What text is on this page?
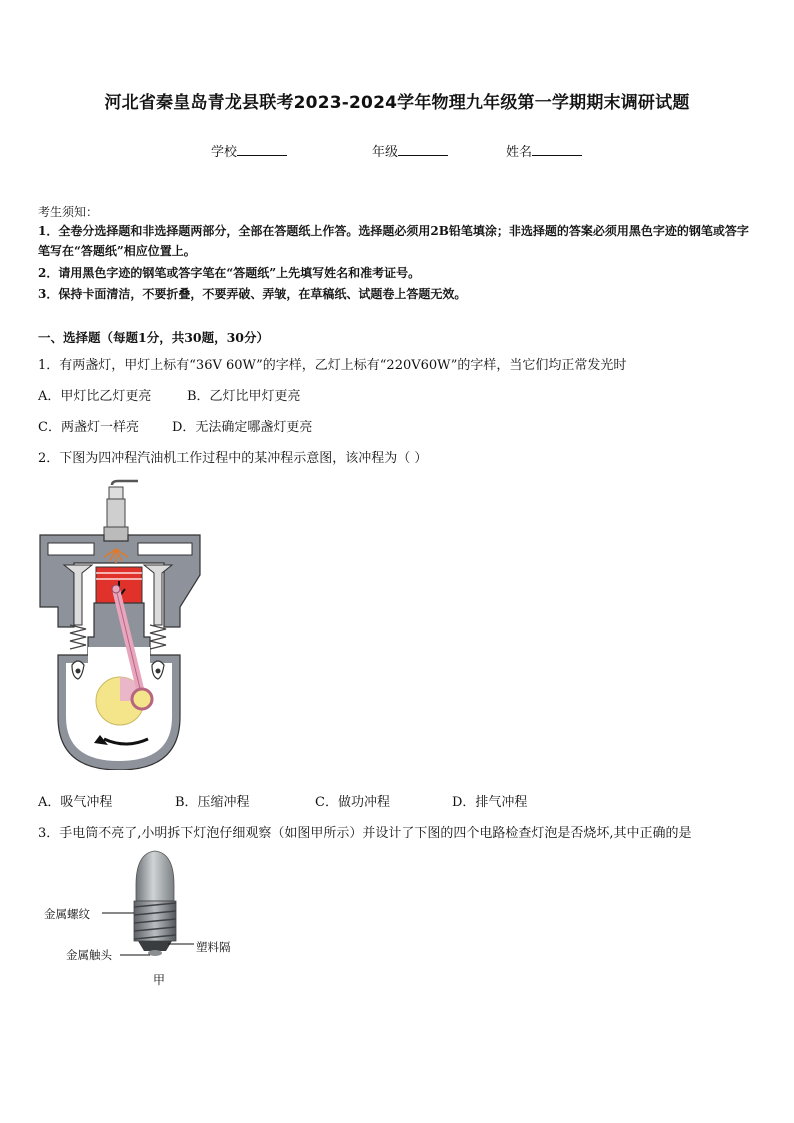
河北省秦皇岛青龙县联考2023-2024学年物理九年级第一学期期末调研试题
学校	年级	姓名
考生须知：
1．全卷分选择题和非选择题两部分，全部在答题纸上作答。选择题必须用2B铅笔填涂；非选择题的答案必须用黑色字迹的钢笔或答字笔写在“答题纸”相应位置上。
2．请用黑色字迹的钢笔或答字笔在“答题纸”上先填写姓名和准考证号。
3．保持卡面清洁，不要折叠，不要弄破、弄皱，在草稿纸、试题卷上答题无效。
一、选择题（每题1分，共30题，30分）
1．有两盏灯，甲灯上标有“36V 60W”的字样，乙灯上标有“220V60W”的字样，当它们均正常发光时
A．甲灯比乙灯更亮	B．乙灯比甲灯更亮
C．两盏灯一样亮	D．无法确定哪盏灯更亮
2．下图为四冲程汽油机工作过程中的某冲程示意图，该冲程为（ ）
A．吸气冲程	B．压缩冲程	C．做功冲程	D．排气冲程
3．手电筒不亮了,小明拆下灯泡仔细观察（如图甲所示）并设计了下图的四个电路检查灯泡是否烧坏,其中正确的是
金属螺纹
金属触头
塑料隔
甲
